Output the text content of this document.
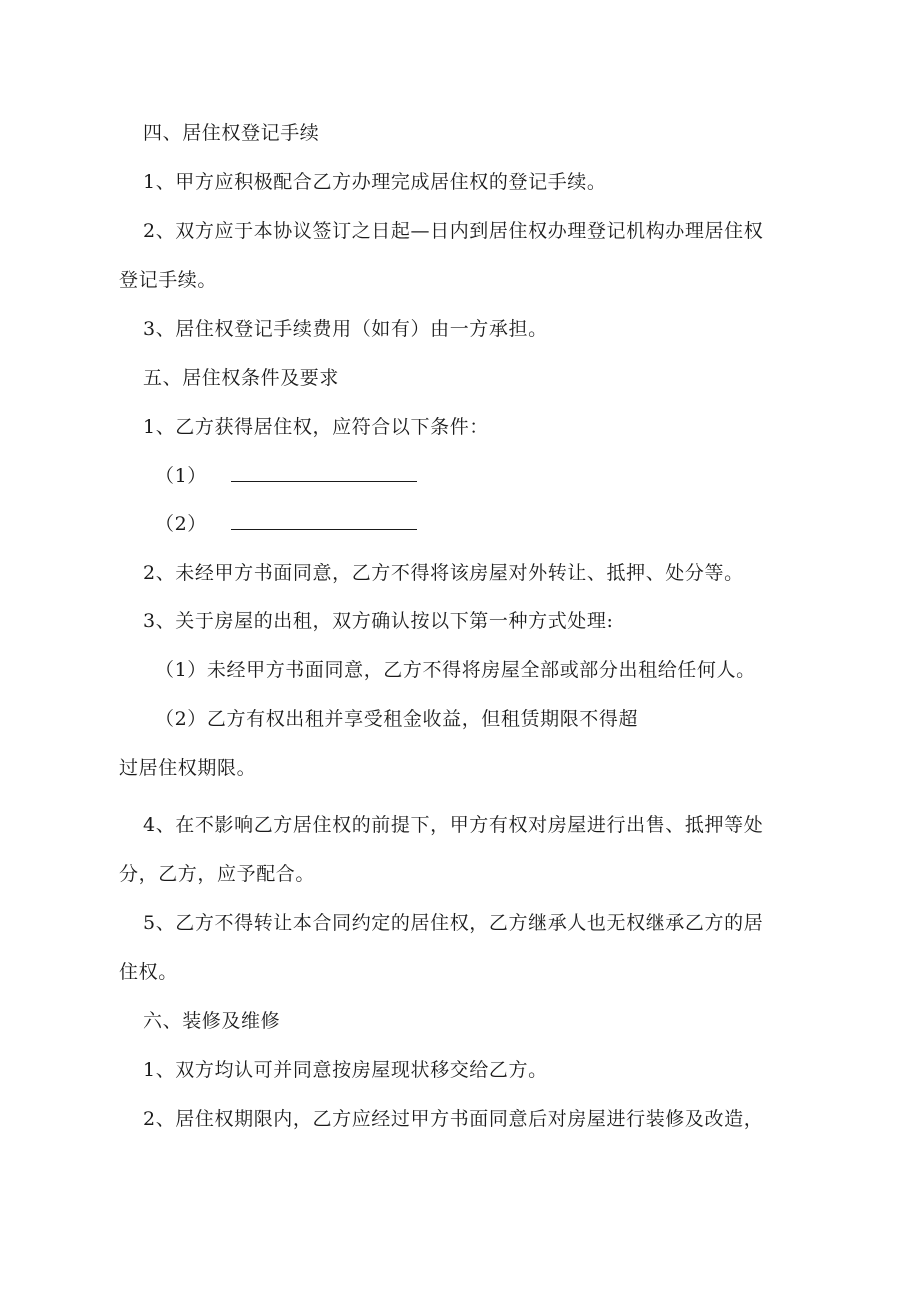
四、居住权登记手续
1、甲方应积极配合乙方办理完成居住权的登记手续。
2、双方应于本协议签订之日起—日内到居住权办理登记机构办理居住权
登记手续。
3、居住权登记手续费用（如有）由一方承担。
五、居住权条件及要求
1、乙方获得居住权，应符合以下条件：
（1）
（2）
2、未经甲方书面同意，乙方不得将该房屋对外转让、抵押、处分等。
3、关于房屋的出租，双方确认按以下第一种方式处理:
（1）未经甲方书面同意，乙方不得将房屋全部或部分出租给任何人。
（2）乙方有权出租并享受租金收益，但租赁期限不得超
过居住权期限。
4、在不影响乙方居住权的前提下，甲方有权对房屋进行出售、抵押等处
分，乙方，应予配合。
5、乙方不得转让本合同约定的居住权，乙方继承人也无权继承乙方的居
住权。
六、装修及维修
1、双方均认可并同意按房屋现状移交给乙方。
2、居住权期限内，乙方应经过甲方书面同意后对房屋进行装修及改造，
